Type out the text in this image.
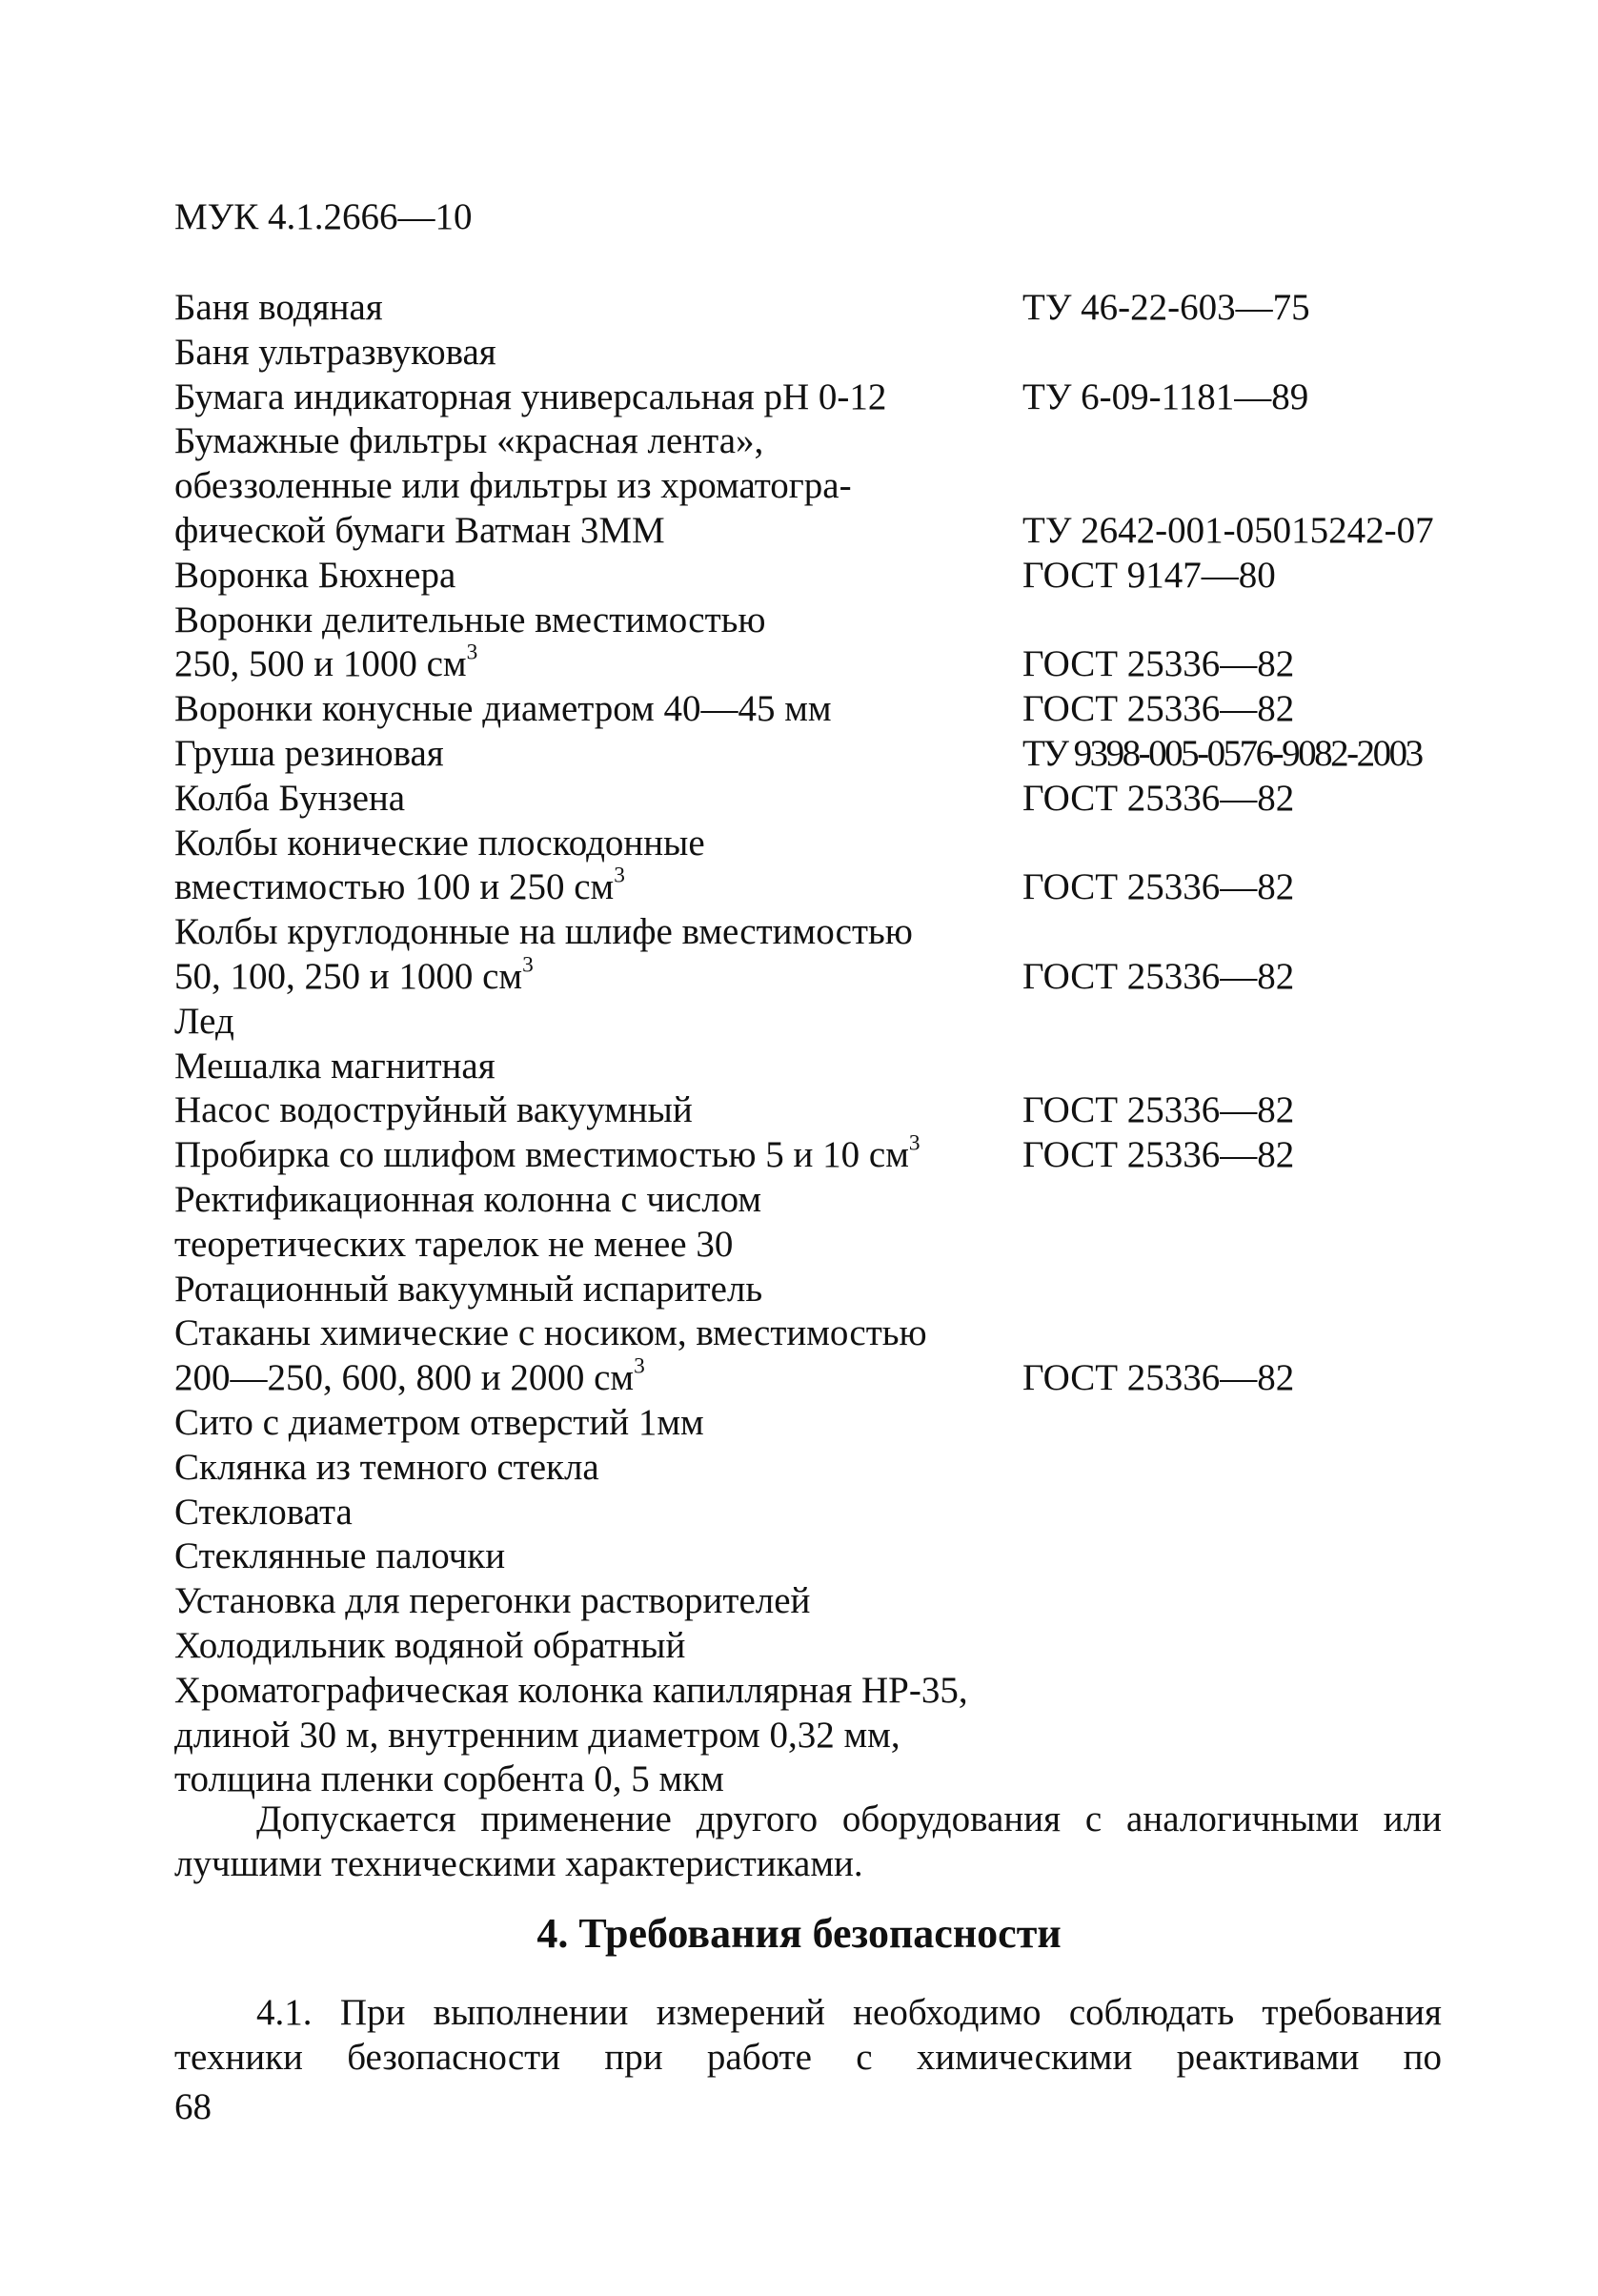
МУК 4.1.2666—10
Баня водяная	ТУ 46-22-603—75
Баня ультразвуковая
Бумага индикаторная универсальная рН 0-12	ТУ 6-09-1181—89
Бумажные фильтры «красная лента»,
обеззоленные или фильтры из хроматогра-
фической бумаги Ватман 3ММ	ТУ 2642-001-05015242-07
Воронка Бюхнера	ГОСТ 9147—80
Воронки делительные вместимостью
250, 500 и 1000 $см^3$	ГОСТ 25336—82
Воронки конусные диаметром 40—45 мм	ГОСТ 25336—82
Груша резиновая	ТУ 9398-005-0576-9082-2003
Колба Бунзена	ГОСТ 25336—82
Колбы конические плоскодонные
вместимостью 100 и 250 $см^3$	ГОСТ 25336—82
Колбы круглодонные на шлифе вместимостью
50, 100, 250 и 1000 $см^3$	ГОСТ 25336—82
Лед
Мешалка магнитная
Насос водоструйный вакуумный	ГОСТ 25336—82
Пробирка со шлифом вместимостью 5 и 10 $см^3$	ГОСТ 25336—82
Ректификационная колонна с числом
теоретических тарелок не менее 30
Ротационный вакуумный испаритель
Стаканы химические с носиком, вместимостью
200—250, 600, 800 и 2000 $см^3$	ГОСТ 25336—82
Сито с диаметром отверстий 1мм
Склянка из темного стекла
Стекловата
Стеклянные палочки
Установка для перегонки растворителей
Холодильник водяной обратный
Хроматографическая колонка капиллярная НР-35,
длиной 30 м, внутренним диаметром 0,32 мм,
толщина пленки сорбента 0, 5 мкм
Допускается применение другого оборудования с аналогичными или лучшими техническими характеристиками.
4. Требования безопасности
4.1. При выполнении измерений необходимо соблюдать требования техники безопасности при работе с химическими реактивами по
68
